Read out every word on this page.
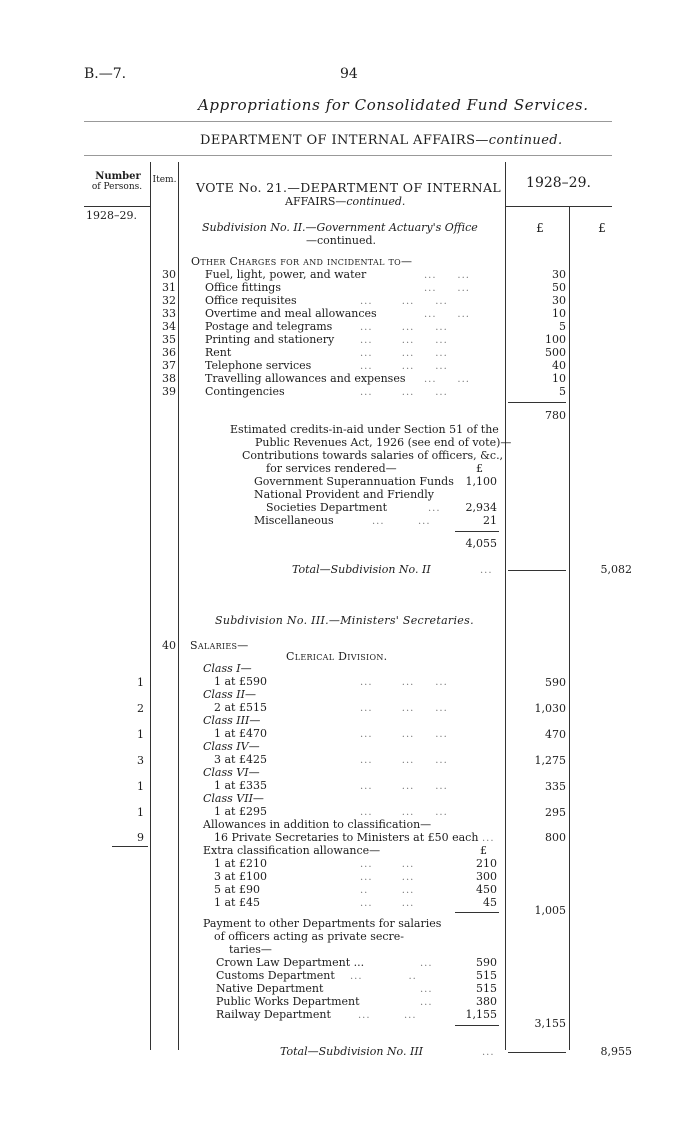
B.—7.	94
Appropriations for Consolidated Fund Services.
DEPARTMENT OF INTERNAL AFFAIRS—continued.
Number
of Persons.
Item. VOTE No. 21.—DEPARTMENT OF INTERNAL
AFFAIRS—continued.
1928–29.
1928–29.
£	£
Subdivision No. II.—Government Actuary's Office
—continued.
Other Charges for and incidental to—
30	Fuel, light, power, and water	...     ...	30
31	Office fittings	...     ...	50
32	Office requisites	...       ...     ...	30
33	Overtime and meal allowances	...     ...	10
34	Postage and telegrams	...       ...     ...	5
35	Printing and stationery	...       ...     ...	100
36	Rent	...       ...     ...	500
37	Telephone services	...       ...     ...	40
38	Travelling allowances and expenses ...     ...	10
39	Contingencies	...       ...     ...	5
780
Estimated credits-in-aid under Section 51 of the
Public Revenues Act, 1926 (see end of vote)—
Contributions towards salaries of officers, &c.,
for services rendered—	£
Government Superannuation Funds	1,100
National Provident and Friendly
Societies Department	...	2,934
Miscellaneous	...        ...	21
4,055
Total—Subdivision No. II	...	5,082
Subdivision No. III.—Ministers' Secretaries.
40 Salaries—
Clerical Division.
Class I—
1	1 at £590	...       ...     ...	590
Class II—
2	2 at £515	...       ...     ...	1,030
Class III—
1	1 at £470	...       ...     ...	470
Class IV—
3	3 at £425	...       ...     ...	1,275
Class VI—
1	1 at £335	...       ...     ...	335
Class VII—
1	1 at £295	...       ...     ...	295
Allowances in addition to classification—
9	16 Private Secretaries to Ministers at £50 each ...	800
Extra classification allowance—	£
1 at £210	...       ...	210
3 at £100	...       ...	300
5 at £90	..        ...	450
1 at £45	...       ...	45
1,005
Payment to other Departments for salaries
of officers acting as private secre-
taries—
Crown Law Department ...	...	590
Customs Department ...           ..	515
Native Department	...	515
Public Works Department	...	380
Railway Department	...        ...	1,155
3,155
Total—Subdivision No. III	...	8,955
